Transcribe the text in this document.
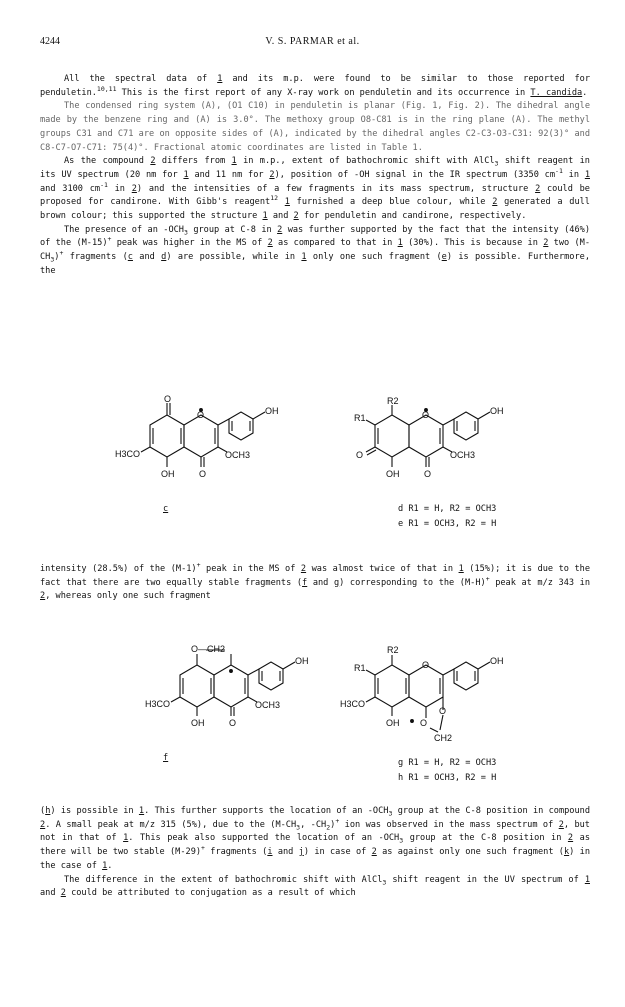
4244	V. S. PARMAR et al.

All the spectral data of 1 and its m.p. were found to be similar to those reported for penduletin.$^{10,11}$ This is the first report of any X-ray work on penduletin and its occurrence in T. candida.

The condensed ring system (A), (O1 C10) in penduletin is planar (Fig. 1, Fig. 2). The dihedral angle made by the benzene ring and (A) is 3.0°. The methoxy group O8-C81 is in the ring plane (A). The methyl groups C31 and C71 are on opposite sides of (A), indicated by the dihedral angles C2-C3-O3-C31: 92(3)° and C8-C7-O7-C71: 75(4)°. Fractional atomic coordinates are listed in Table 1.

As the compound 2 differs from 1 in m.p., extent of bathochromic shift with AlCl$_3$ shift reagent in its UV spectrum (20 nm for 1 and 11 nm for 2), position of -OH signal in the IR spectrum (3350 $cm^{-1}$ in 1 and 3100 $cm^{-1}$ in 2) and the intensities of a few fragments in its mass spectrum, structure 2 could be proposed for candirone. With Gibb's reagent$^{12}$ 1 furnished a deep blue colour, while 2 generated a dull brown colour; this supported the structure 1 and 2 for penduletin and candirone, respectively.

The presence of an $-OCH_3$ group at C-8 in 2 was further supported by the fact that the intensity (46%) of the (M-15)+ peak was higher in the MS of 2 as compared to that in 1 (30%). This is because in 2 two $(M-CH_3)^+$ fragments (c and d) are possible, while in 1 only one such fragment (e) is possible. Furthermore, the

O
O	OH
H3CO	OCH3
OH	O
R2
R1	O	OH
O	OCH3
OH	O
c	d R1 = H, R2 = OCH3
e R1 = OCH3, R2 = H

intensity (28.5%) of the (M-1)+ peak in the MS of 2 was almost twice of that in 1 (15%); it is due to the fact that there are two equally stable fragments (f and g) corresponding to the (M-H)+ peak at m/z 343 in 2, whereas only one such fragment

O—CH2
OH
H3CO	OCH3
OH	O
R2
R1	O	OH
H3CO
O
OH O
CH2
f	g R1 = H, R2 = OCH3
h R1 = OCH3, R2 = H

(h) is possible in 1. This further supports the location of an $-OCH_3$ group at the C-8 position in compound 2. A small peak at m/z 315 (5%), due to the ($M-CH_3$, $-CH_2)^+$ ion was observed in the mass spectrum of 2, but not in that of 1. This peak also supported the location of an $-OCH_3$ group at the C-8 position in 2 as there will be two stable (M-29)+ fragments (i and j) in case of 2 as against only one such fragment (k) in the case of 1.

The difference in the extent of bathochromic shift with AlCl$_3$ shift reagent in the UV spectrum of 1 and 2 could be attributed to conjugation as a result of which
